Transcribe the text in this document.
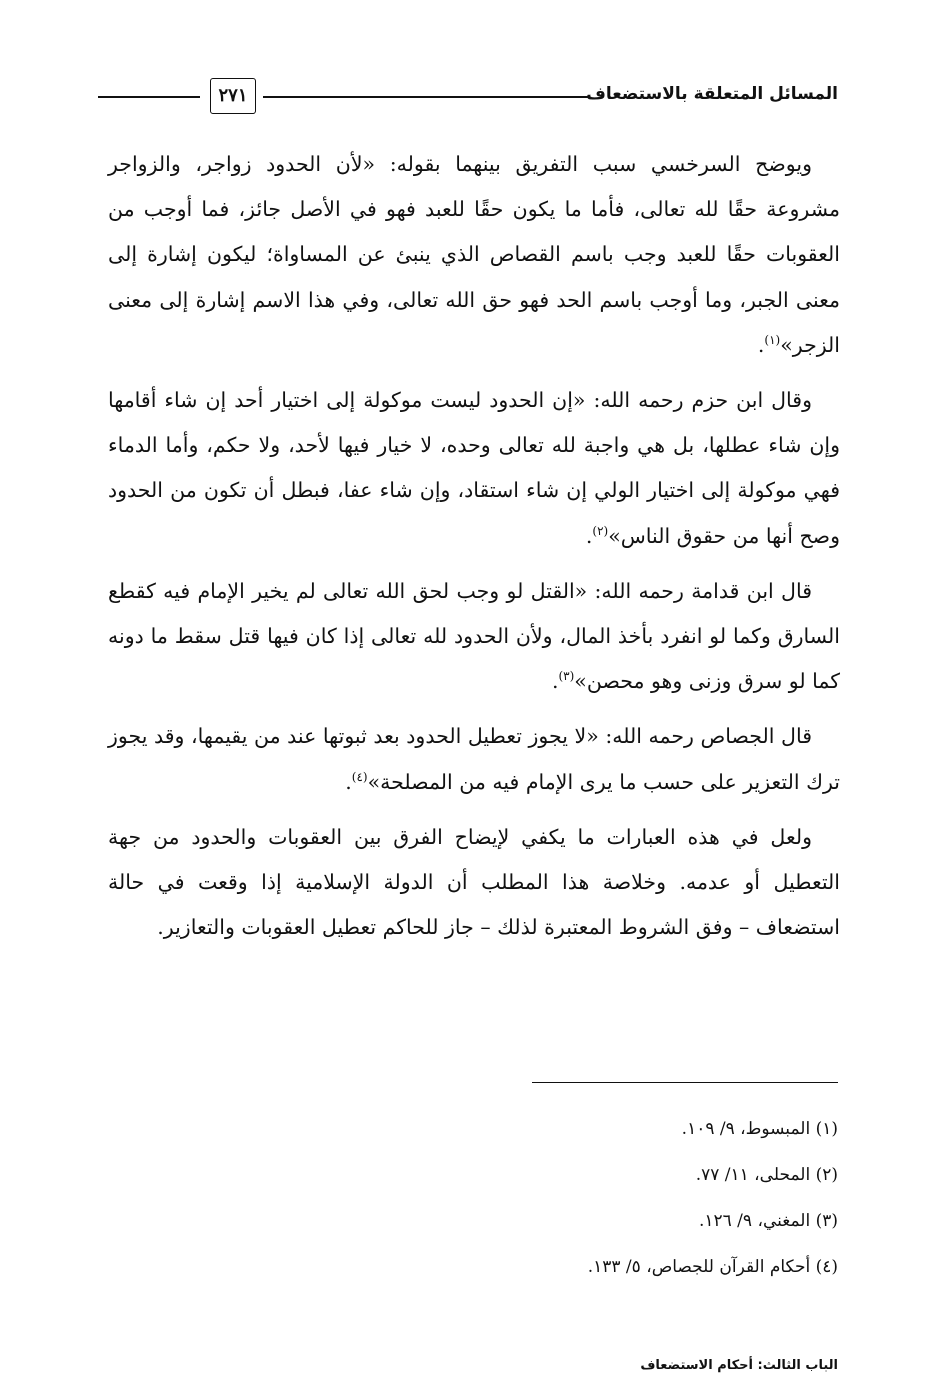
المسائل المتعلقة بالاستضعاف
٢٧١

ويوضح السرخسي سبب التفريق بينهما بقوله: «لأن الحدود زواجر، والزواجر مشروعة حقًا لله تعالى، فأما ما يكون حقًا للعبد فهو في الأصل جائز، فما أوجب من العقوبات حقًا للعبد وجب باسم القصاص الذي ينبئ عن المساواة؛ ليكون إشارة إلى معنى الجبر، وما أوجب باسم الحد فهو حق الله تعالى، وفي هذا الاسم إشارة إلى معنى الزجر»$^{(١)}$.

وقال ابن حزم رحمه الله: «إن الحدود ليست موكولة إلى اختيار أحد إن شاء أقامها وإن شاء عطلها، بل هي واجبة لله تعالى وحده، لا خيار فيها لأحد، ولا حكم، وأما الدماء فهي موكولة إلى اختيار الولي إن شاء استقاد، وإن شاء عفا، فبطل أن تكون من الحدود وصح أنها من حقوق الناس»$^{(٢)}$.

قال ابن قدامة رحمه الله: «القتل لو وجب لحق الله تعالى لم يخير الإمام فيه كقطع السارق وكما لو انفرد بأخذ المال، ولأن الحدود لله تعالى إذا كان فيها قتل سقط ما دونه كما لو سرق وزنى وهو محصن»$^{(٣)}$.

قال الجصاص رحمه الله: «لا يجوز تعطيل الحدود بعد ثبوتها عند من يقيمها، وقد يجوز ترك التعزير على حسب ما يرى الإمام فيه من المصلحة»$^{(٤)}$.

ولعل في هذه العبارات ما يكفي لإيضاح الفرق بين العقوبات والحدود من جهة التعطيل أو عدمه. وخلاصة هذا المطلب أن الدولة الإسلامية إذا وقعت في حالة استضعاف – وفق الشروط المعتبرة لذلك – جاز للحاكم تعطيل العقوبات والتعازير.

(١) المبسوط، ٩/ ١٠٩.
(٢) المحلى، ١١/ ٧٧.
(٣) المغني، ٩/ ١٢٦.
(٤) أحكام القرآن للجصاص، ٥/ ١٣٣.
الباب الثالث: أحكام الاستضعاف
